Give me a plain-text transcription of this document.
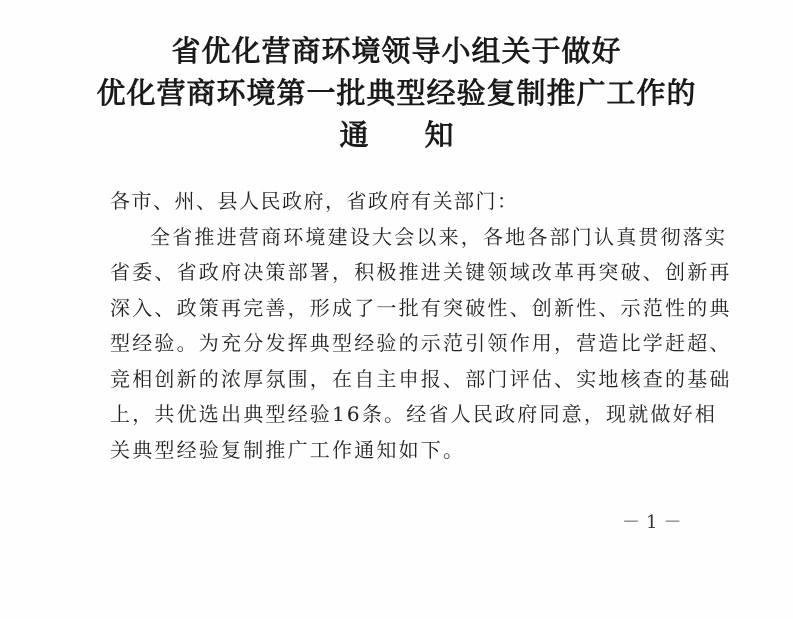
省优化营商环境领导小组关于做好
优化营商环境第一批典型经验复制推广工作的
通知
各市、州、县人民政府，省政府有关部门：
全省推进营商环境建设大会以来，各地各部门认真贯彻落实
省委、省政府决策部署，积极推进关键领域改革再突破、创新再
深入、政策再完善，形成了一批有突破性、创新性、示范性的典
型经验。为充分发挥典型经验的示范引领作用，营造比学赶超、
竞相创新的浓厚氛围，在自主申报、部门评估、实地核查的基础
上，共优选出典型经验16条。经省人民政府同意，现就做好相
关典型经验复制推广工作通知如下。
－1－
